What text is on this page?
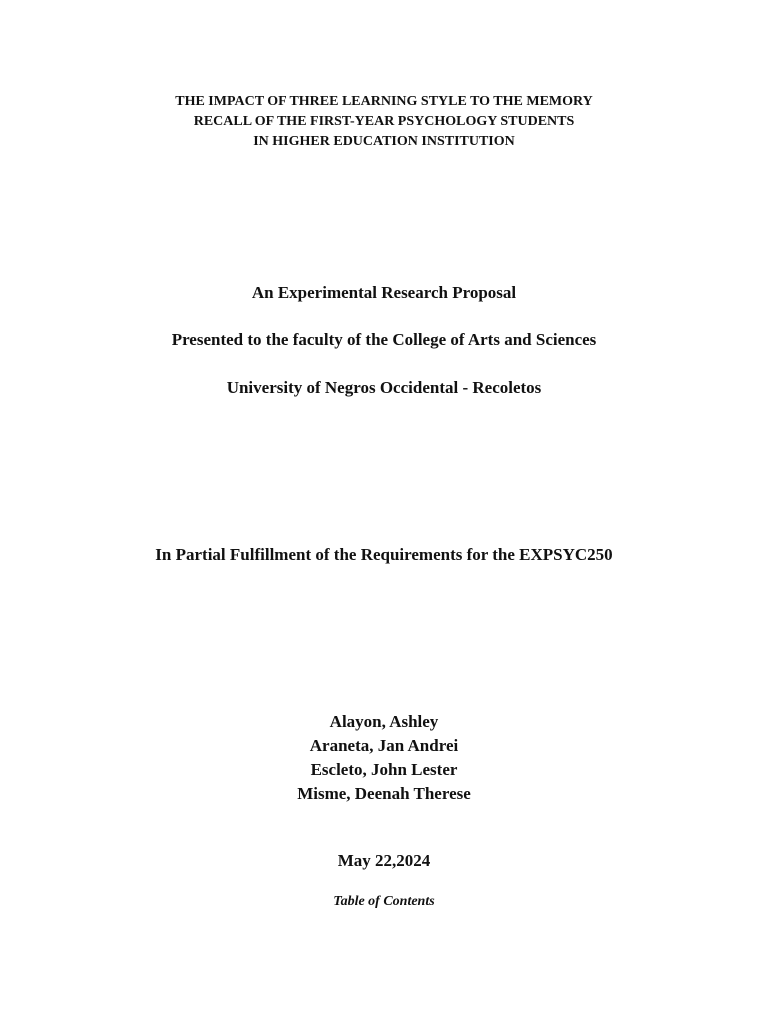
THE IMPACT OF THREE LEARNING STYLE TO THE MEMORY
RECALL OF THE FIRST-YEAR PSYCHOLOGY STUDENTS
IN HIGHER EDUCATION INSTITUTION
An Experimental Research Proposal
Presented to the faculty of the College of Arts and Sciences
University of Negros Occidental - Recoletos
In Partial Fulfillment of the Requirements for the EXPSYC250
Alayon, Ashley
Araneta, Jan Andrei
Escleto, John Lester
Misme, Deenah Therese
May 22,2024
Table of Contents
